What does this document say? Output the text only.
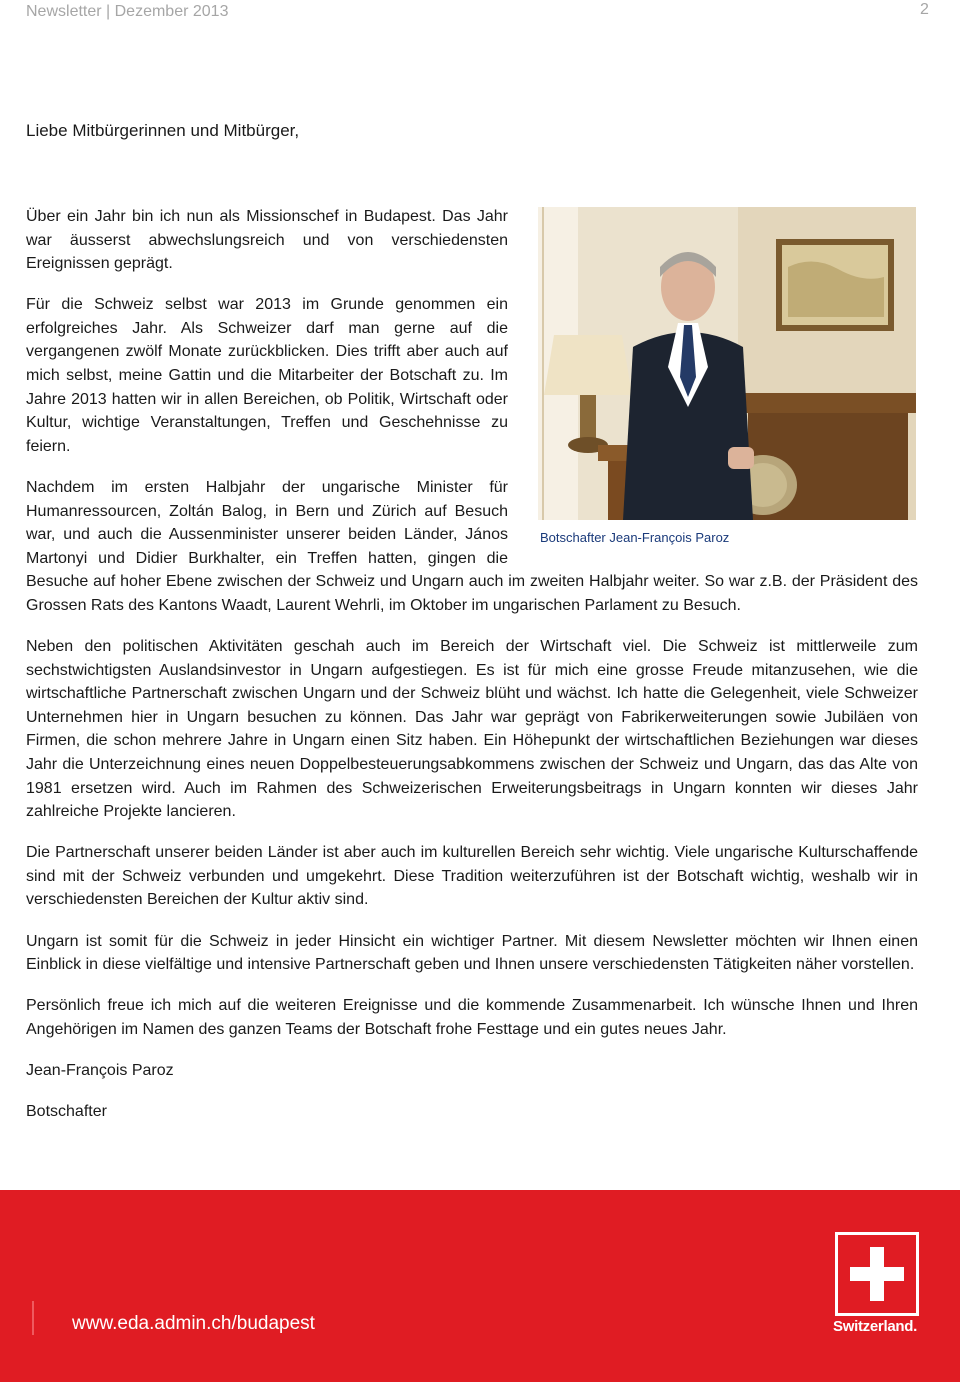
Newsletter | Dezember 2013	2
Liebe Mitbürgerinnen und Mitbürger,
Botschafter Jean-François Paroz

Über ein Jahr bin ich nun als Missionschef in Budapest. Das Jahr war äusserst abwechslungsreich und von verschiedensten Ereignissen geprägt.

Für die Schweiz selbst war 2013 im Grunde genommen ein erfolgreiches Jahr. Als Schweizer darf man gerne auf die vergangenen zwölf Monate zurückblicken. Dies trifft aber auch auf mich selbst, meine Gattin und die Mitarbeiter der Botschaft zu. Im Jahre 2013 hatten wir in allen Bereichen, ob Politik, Wirtschaft oder Kultur, wichtige Veranstaltungen, Treffen und Geschehnisse zu feiern.

Nachdem im ersten Halbjahr der ungarische Minister für Humanressourcen, Zoltán Balog, in Bern und Zürich auf Besuch war, und auch die Aussenminister unserer beiden Länder, János Martonyi und Didier Burkhalter, ein Treffen hatten, gingen die Besuche auf hoher Ebene zwischen der Schweiz und Ungarn auch im zweiten Halbjahr weiter. So war z.B. der Präsident des Grossen Rats des Kantons Waadt, Laurent Wehrli, im Oktober im ungarischen Parlament zu Besuch.

Neben den politischen Aktivitäten geschah auch im Bereich der Wirtschaft viel. Die Schweiz ist mittlerweile zum sechstwichtigsten Auslandsinvestor in Ungarn aufgestiegen. Es ist für mich eine grosse Freude mitanzusehen, wie die wirtschaftliche Partnerschaft zwischen Ungarn und der Schweiz blüht und wächst. Ich hatte die Gelegenheit, viele Schweizer Unternehmen hier in Ungarn besuchen zu können. Das Jahr war geprägt von Fabrikerweiterungen sowie Jubiläen von Firmen, die schon mehrere Jahre in Ungarn einen Sitz haben. Ein Höhepunkt der wirtschaftlichen Beziehungen war dieses Jahr die Unterzeichnung eines neuen Doppelbesteuerungsabkommens zwischen der Schweiz und Ungarn, das das Alte von 1981 ersetzen wird. Auch im Rahmen des Schweizerischen Erweiterungsbeitrags in Ungarn konnten wir dieses Jahr zahlreiche Projekte lancieren.

Die Partnerschaft unserer beiden Länder ist aber auch im kulturellen Bereich sehr wichtig. Viele ungarische Kulturschaffende sind mit der Schweiz verbunden und umgekehrt. Diese Tradition weiterzuführen ist der Botschaft wichtig, weshalb wir in verschiedensten Bereichen der Kultur aktiv sind.

Ungarn ist somit für die Schweiz in jeder Hinsicht ein wichtiger Partner. Mit diesem Newsletter möchten wir Ihnen einen Einblick in diese vielfältige und intensive Partnerschaft geben und Ihnen unsere verschiedensten Tätigkeiten näher vorstellen.

Persönlich freue ich mich auf die weiteren Ereignisse und die kommende Zusammenarbeit. Ich wünsche Ihnen und Ihren Angehörigen im Namen des ganzen Teams der Botschaft frohe Festtage und ein gutes neues Jahr.

Jean-François Paroz

Botschafter

www.eda.admin.ch/budapest	Switzerland.
